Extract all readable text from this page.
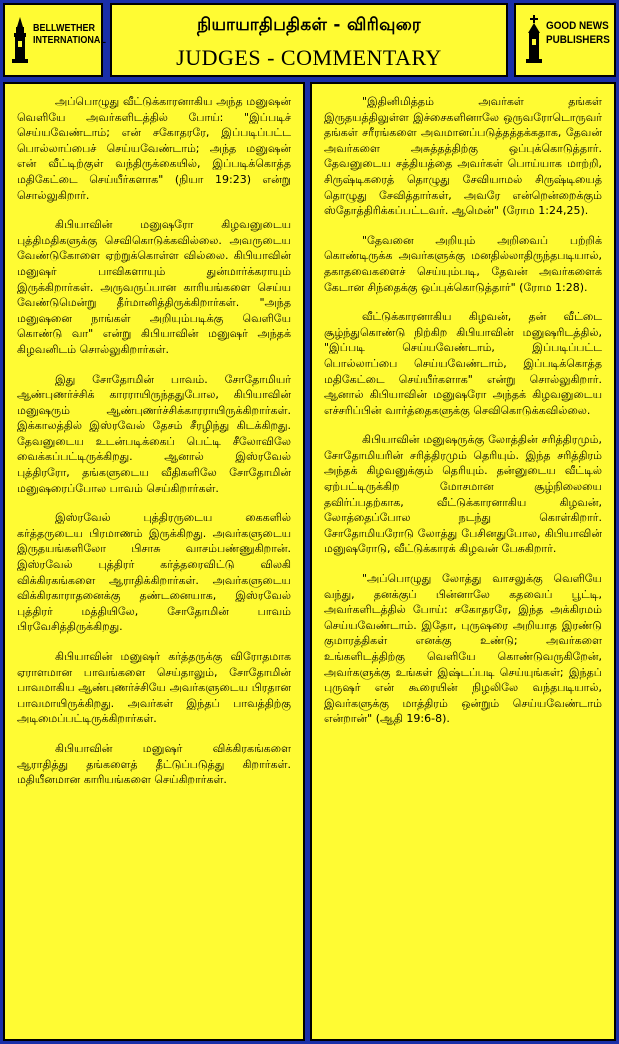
BELLWETHER
INTERNATIONAL
நியாயாதிபதிகள் - விரிவுரை
JUDGES - COMMENTARY
GOOD NEWS
PUBLISHERS

அப்பொழுது வீட்டுக்காரனாகிய அந்த மனுஷன் வெளியே அவர்களிடத்தில் போய்: "இப்படிச் செய்யவேண்டாம்; என் சகோதரரே, இப்படிப்பட்ட பொல்லாப்பைச் செய்யவேண்டாம்; அந்த மனுஷன் என் வீட்டிற்குள் வந்திருக்கையில், இப்படிக்கொத்த மதிகேட்டை செய்யீர்களாக" (நியா 19:23) என்று சொல்லுகிறார்.

கிபியாவின் மனுஷரோ கிழவனுடைய புத்திமதிகளுக்கு செவிகொடுக்கவில்லை. அவருடைய வேண்டுகோளை ஏற்றுக்கொள்ள வில்லை. கிபியாவின் மனுஷர் பாவிகளாயும் துன்மார்க்கராயும் இருக்கிறார்கள். அருவருப்பான காரியங்களை செய்ய வேண்டுமென்று தீர்மானித்திருக்கிறார்கள். "அந்த மனுஷனை நாங்கள் அறியும்படிக்கு வெளியே கொண்டு வா" என்று கிபியாவின் மனுஷர் அந்தக் கிழவனிடம் சொல்லுகிறார்கள்.

இது சோதோமின் பாவம். சோதோமியர் ஆண்புணர்ச்சிக் காரராயிருந்ததுபோல, கிபியாவின் மனுஷரும் ஆண்புணர்ச்சிக்காரராயிருக்கிறார்கள். இக்காலத்தில் இஸ்ரவேல் தேசம் சீரழிந்து கிடக்கிறது. தேவனுடைய உடன்படிக்கைப் பெட்டி சீலோவிலே வைக்கப்பட்டிருக்கிறது. ஆனால் இஸ்ரவேல் புத்திரரோ, தங்களுடைய வீதிகளிலே சோதோமின் மனுஷரைப்போல பாவம் செய்கிறார்கள்.

இஸ்ரவேல் புத்திரருடைய கைகளில் கர்த்தருடைய பிரமாணம் இருக்கிறது. அவர்களுடைய இருதயங்களிலோ பிசாசு வாசம்பண்ணுகிறான். இஸ்ரவேல் புத்திரர் கர்த்தரைவிட்டு விலகி விக்கிரகங்களை ஆராதிக்கிறார்கள். அவர்களுடைய விக்கிரகாராதனைக்கு தண்டனையாக, இஸ்ரவேல் புத்திரர் மத்தியிலே, சோதோமின் பாவம் பிரவேசித்திருக்கிறது.

கிபியாவின் மனுஷர் கர்த்தருக்கு விரோதமாக ஏராளமான பாவங்களை செய்தாலும், சோதோமின் பாவமாகிய ஆண்புணர்ச்சியே அவர்களுடைய பிரதான பாவமாயிருக்கிறது. அவர்கள் இந்தப் பாவத்திற்கு அடிமைப்பட்டிருக்கிறார்கள்.

கிபியாவின் மனுஷர் விக்கிரகங்களை ஆராதித்து தங்களைத் தீட்டுப்படுத்து கிறார்கள். மதியீனமான காரியங்களை செய்கிறார்கள்.

"இதினிமித்தம் அவர்கள் தங்கள் இருதயத்திலுள்ள இச்சைகளினாலே ஒருவரோடொருவர் தங்கள் சரீரங்களை அவமானப்படுத்தத்தக்கதாக, தேவன் அவர்களை அசுத்தத்திற்கு ஒப்புக்கொடுத்தார். தேவனுடைய சத்தியத்தை அவர்கள் பொய்யாக மாற்றி, சிருஷ்டிகரைத் தொழுது சேவியாமல் சிருஷ்டியைத் தொழுது சேவித்தார்கள், அவரே என்றென்றைக்கும் ஸ்தோத்திரிக்கப்பட்டவர். ஆமென்" (ரோம 1:24,25).

"தேவனை அறியும் அறிவைப் பற்றிக் கொண்டிருக்க அவர்களுக்கு மனதில்லாதிருந்தபடியால், தகாதவைகளைச் செய்யும்படி, தேவன் அவர்களைக் கேடான சிந்தைக்கு ஒப்புக்கொடுத்தார்" (ரோம 1:28).

வீட்டுக்காரனாகிய கிழவன், தன் வீட்டை சூழ்ந்துகொண்டு நிற்கிற கிபியாவின் மனுஷரிடத்தில், "இப்படி செய்யவேண்டாம், இப்படிப்பட்ட பொல்லாப்பை செய்யவேண்டாம், இப்படிக்கொத்த மதிகேட்டை செய்யீர்களாக" என்று சொல்லுகிறார். ஆனால் கிபியாவின் மனுஷரோ அந்தக் கிழவனுடைய எச்சரிப்பின் வார்த்தைகளுக்கு செவிகொடுக்கவில்லை.

கிபியாவின் மனுஷருக்கு லோத்தின் சரித்திரமும், சோதோமியரின் சரித்திரமும் தெரியும். இந்த சரித்திரம் அந்தக் கிழவனுக்கும் தெரியும். தன்னுடைய வீட்டில் ஏற்பட்டிருக்கிற மோசமான சூழ்நிலையை தவிர்ப்பதற்காக, வீட்டுக்காரனாகிய கிழவன், லோத்தைப்போல நடந்து கொள்கிறார். சோதோமியரோடு லோத்து பேசினதுபோல, கிபியாவின் மனுஷரோடு, வீட்டுக்காரக் கிழவன் பேசுகிறார்.

"அப்பொழுது லோத்து வாசலுக்கு வெளியே வந்து, தனக்குப் பின்னாலே கதவைப் பூட்டி, அவர்களிடத்தில் போய்: சகோதரரே, இந்த அக்கிரமம் செய்யவேண்டாம். இதோ, புருஷரை அறியாத இரண்டு குமாரத்திகள் எனக்கு உண்டு; அவர்களை உங்களிடத்திற்கு வெளியே கொண்டுவருகிறேன், அவர்களுக்கு உங்கள் இஷ்டப்படி செய்யுங்கள்; இந்தப் புருஷர் என் கூரையின் நிழலிலே வந்தபடியால், இவர்களுக்கு மாத்திரம் ஒன்றும் செய்யவேண்டாம் என்றான்" (ஆதி 19:6-8).
